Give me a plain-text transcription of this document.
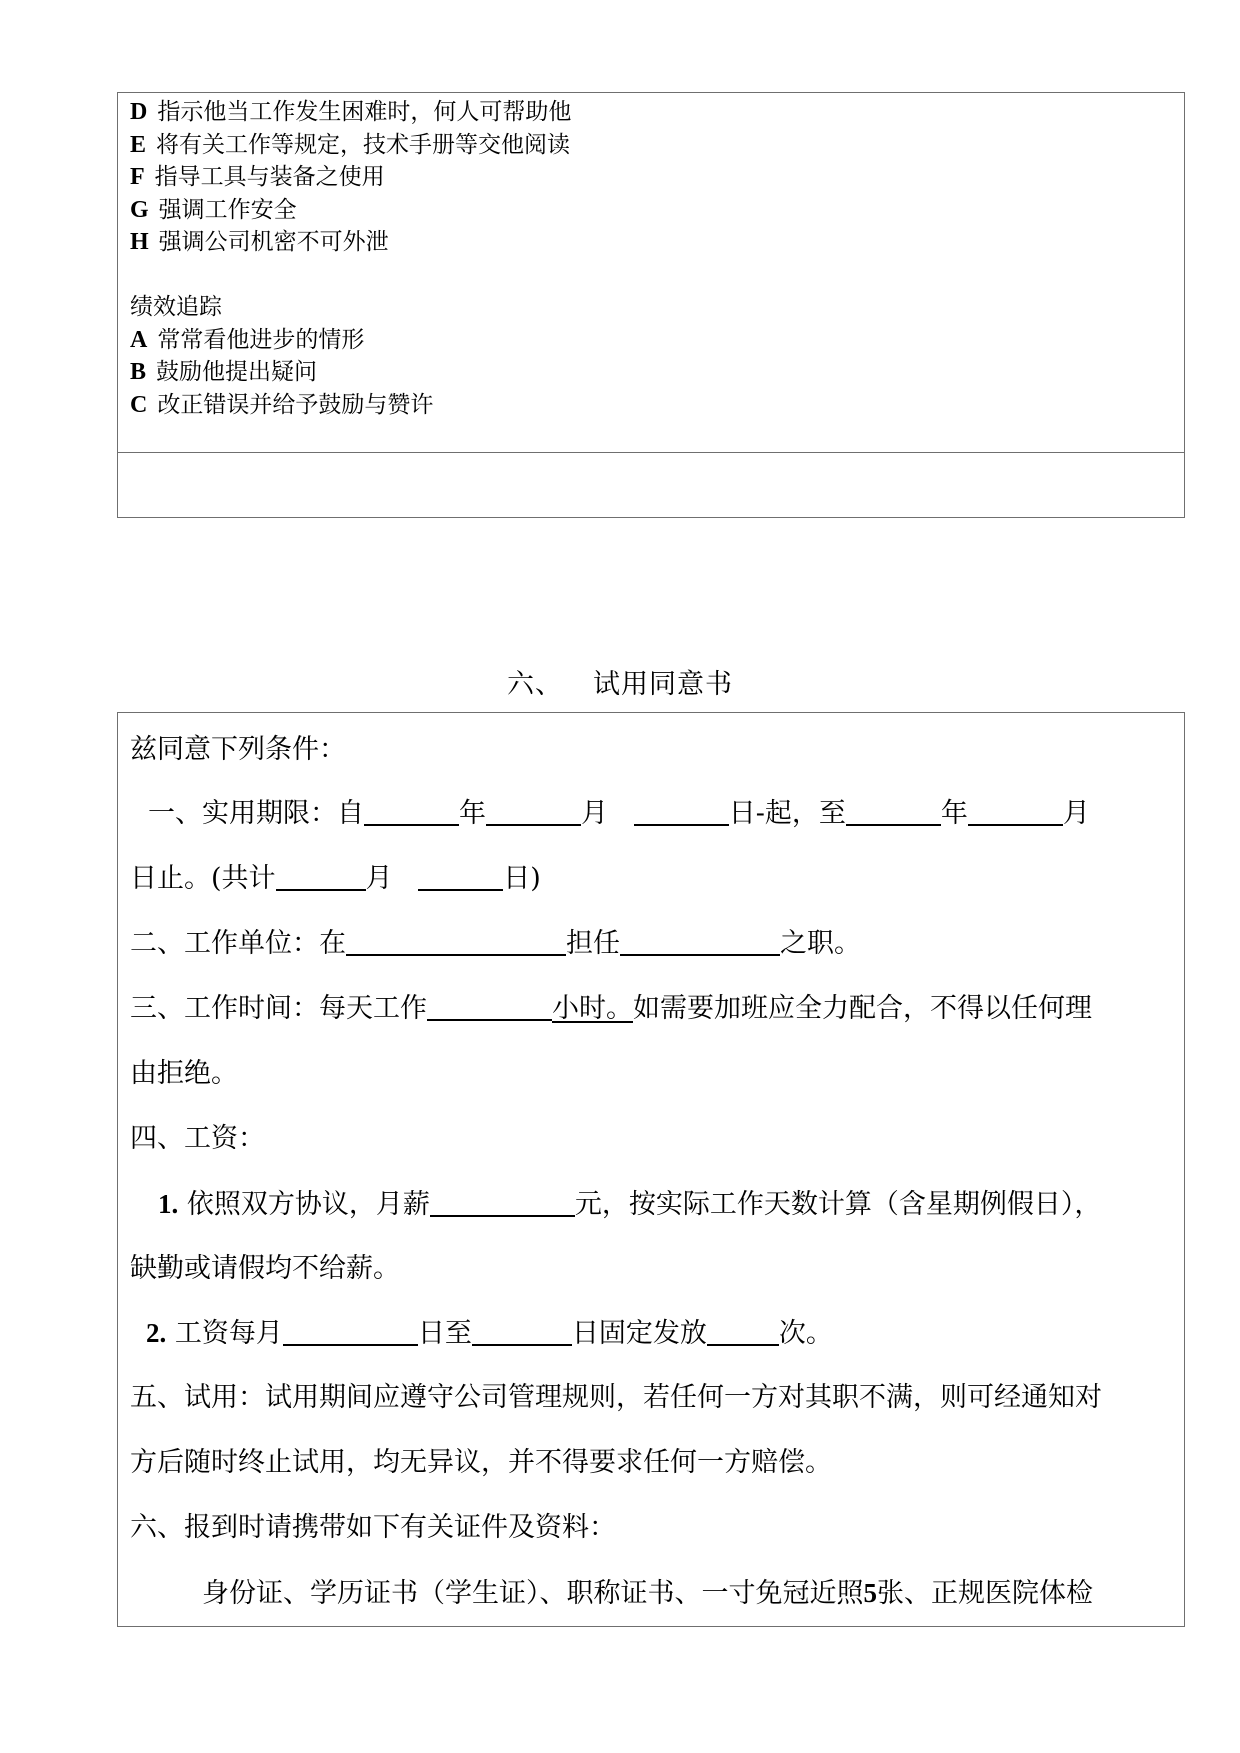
D 指示他当工作发生困难时，何人可帮助他
E 将有关工作等规定，技术手册等交他阅读
F 指导工具与装备之使用
G 强调工作安全
H 强调公司机密不可外泄
绩效追踪
A 常常看他进步的情形
B 鼓励他提出疑问
C 改正错误并给予鼓励与赞许
六、 试用同意书
兹同意下列条件：
一、实用期限：自	年	月	日-起，至	年	月
日止。(共计	月	日)
二、工作单位：在	担任	之职。
三、工作时间：每天工作	小时。如需要加班应全力配合，不得以任何理
由拒绝。
四、工资：
1. 依照双方协议，月薪	元，按实际工作天数计算（含星期例假日），
缺勤或请假均不给薪。
2. 工资每月	日至	日固定发放	次。
五、试用：试用期间应遵守公司管理规则，若任何一方对其职不满，则可经通知对
方后随时终止试用，均无异议，并不得要求任何一方赔偿。
六、报到时请携带如下有关证件及资料：
身份证、学历证书（学生证）、职称证书、一寸免冠近照5张、正规医院体检
